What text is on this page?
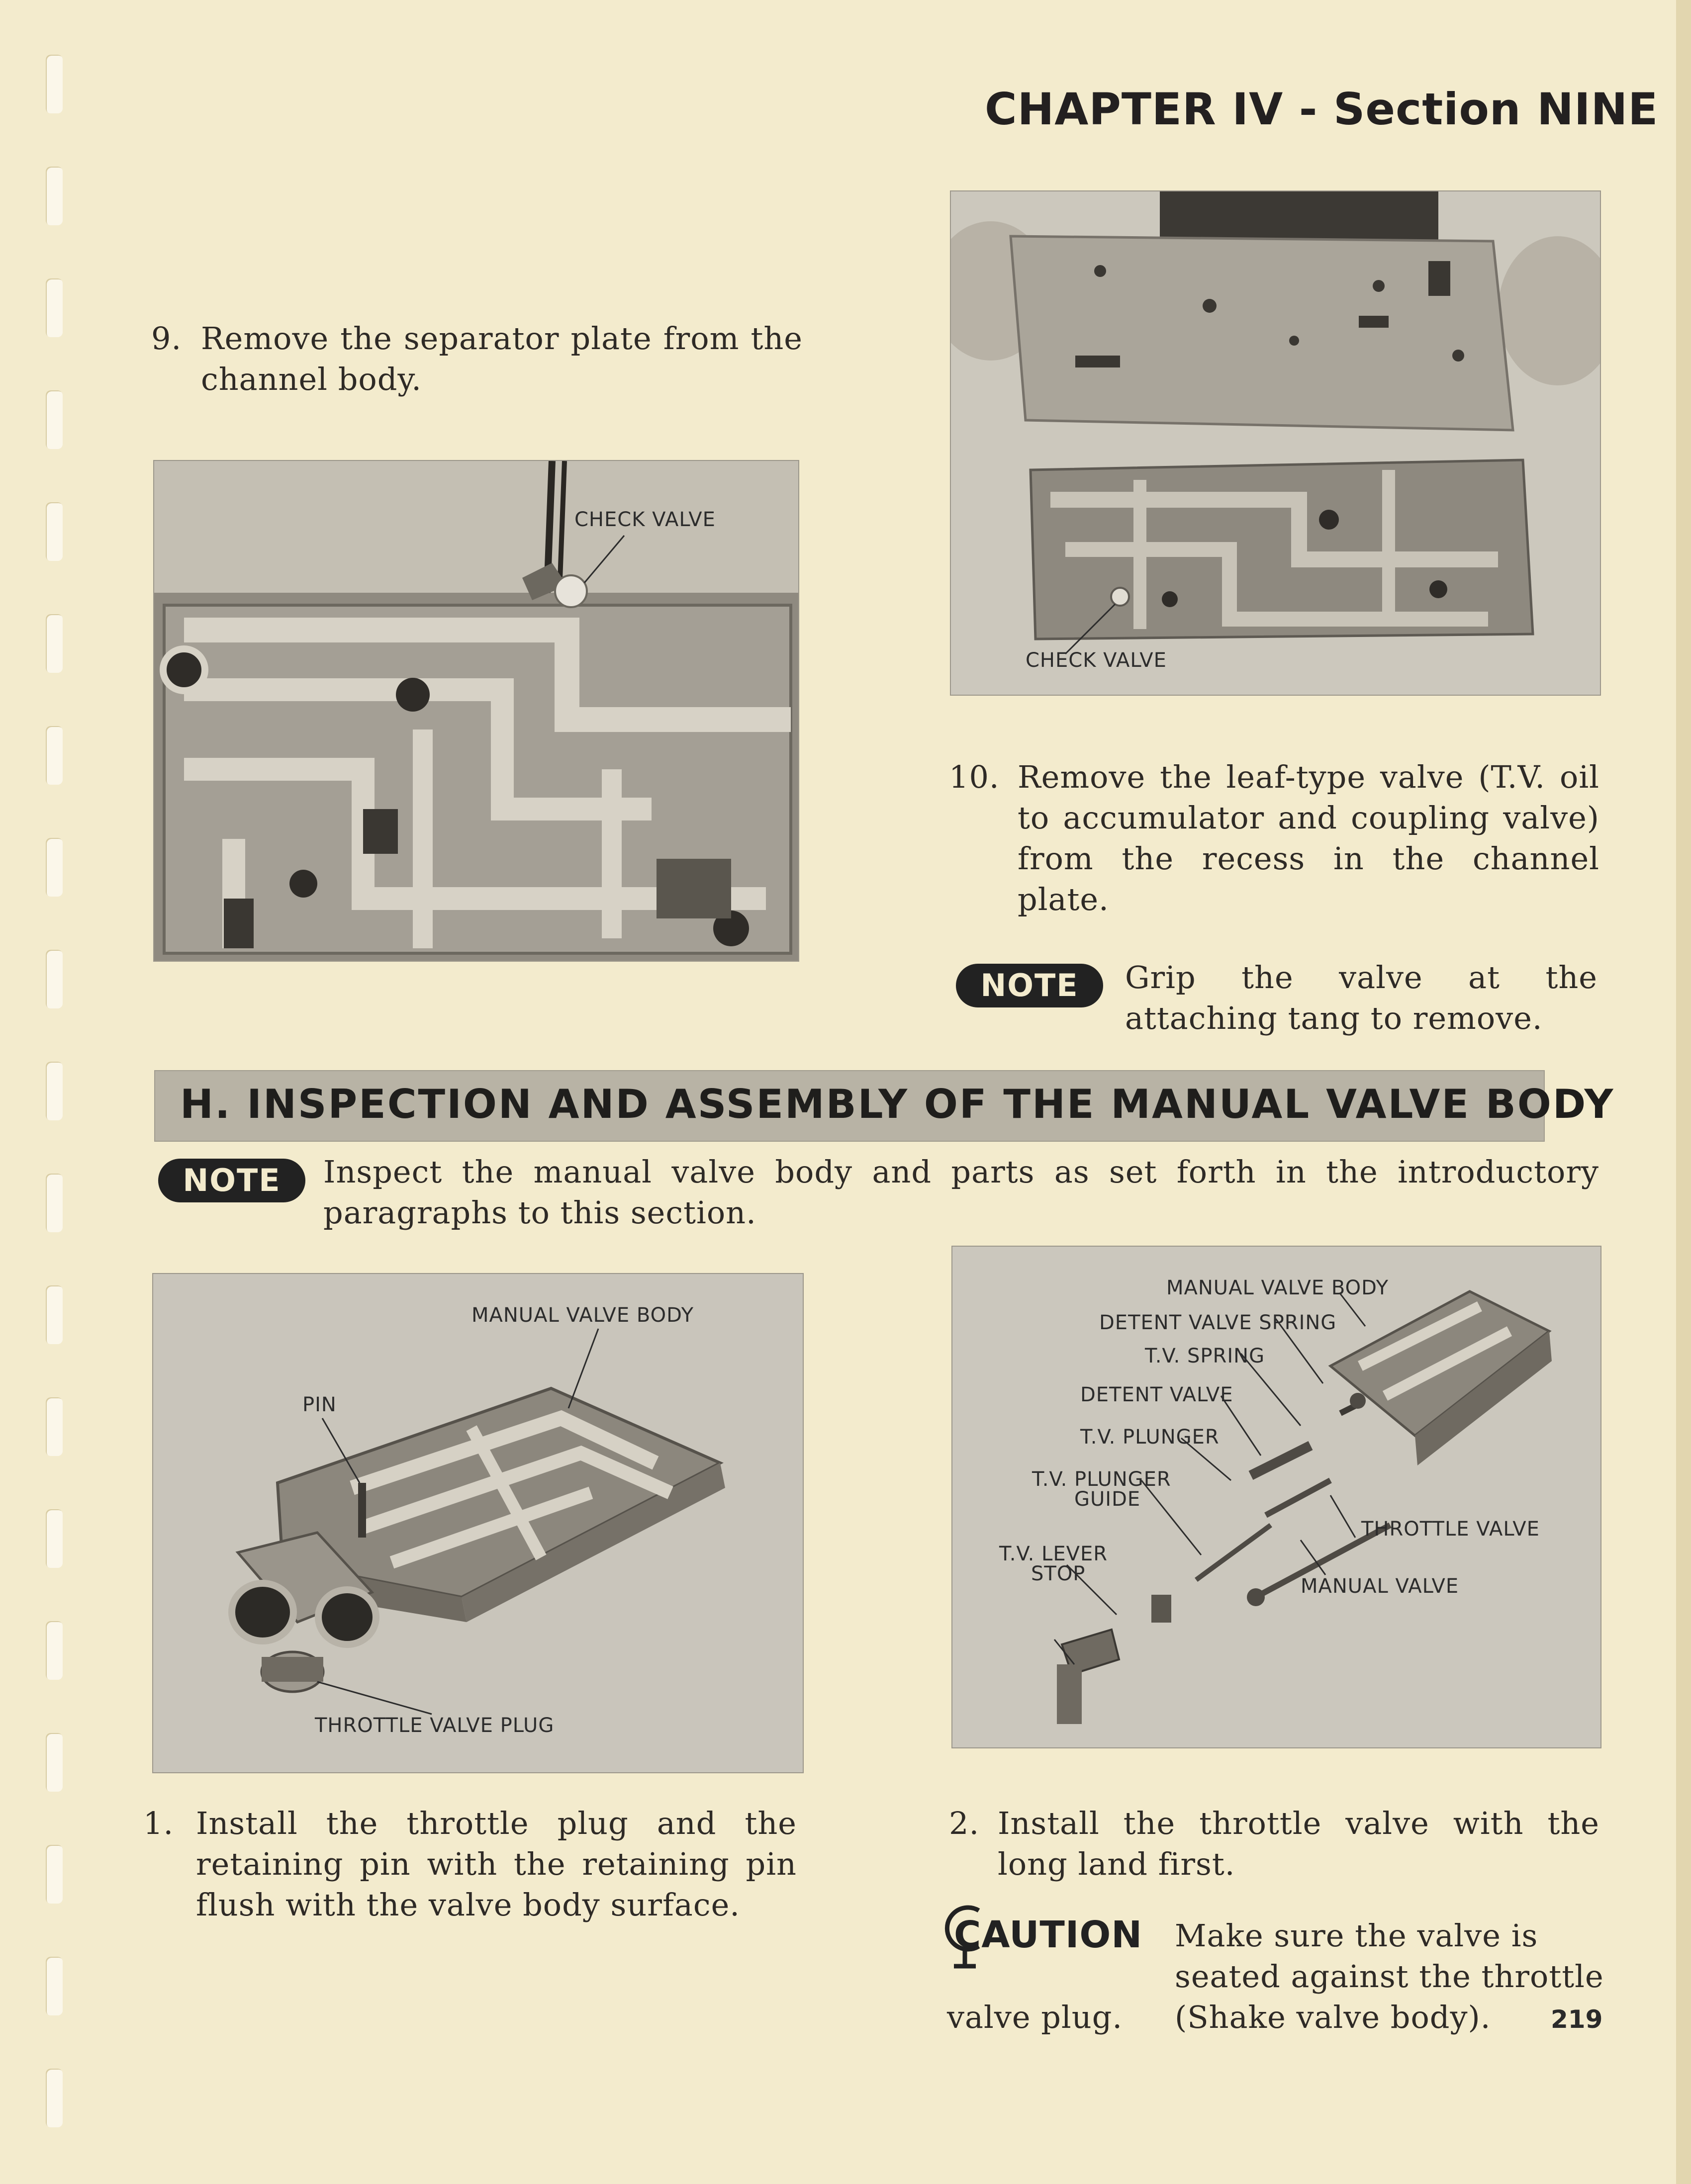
CHAPTER IV - Section NINE
9. Remove the separator plate from the channel body.
CHECK VALVE
CHECK VALVE
10. Remove the leaf-type valve (T.V. oil to accumulator and coupling valve) from the recess in the channel plate.
NOTE	Grip the valve at the attaching tang to remove.
H. INSPECTION AND ASSEMBLY OF THE MANUAL VALVE BODY
NOTE	Inspect the manual valve body and parts as set forth in the introductory paragraphs to this section.
MANUAL VALVE BODY
PIN
THROTTLE VALVE PLUG
MANUAL VALVE BODY
DETENT VALVE SPRING
T.V. SPRING
DETENT VALVE
T.V. PLUNGER
T.V. PLUNGER
GUIDE
T.V. LEVER
STOP
THROTTLE VALVE
MANUAL VALVE
1. Install the throttle plug and the retaining pin with the retaining pin flush with the valve body surface.
2. Install the throttle valve with the long land first.
CAUTION Make sure the valve is
seated against the throttle
valve plug. (Shake valve body). 219
